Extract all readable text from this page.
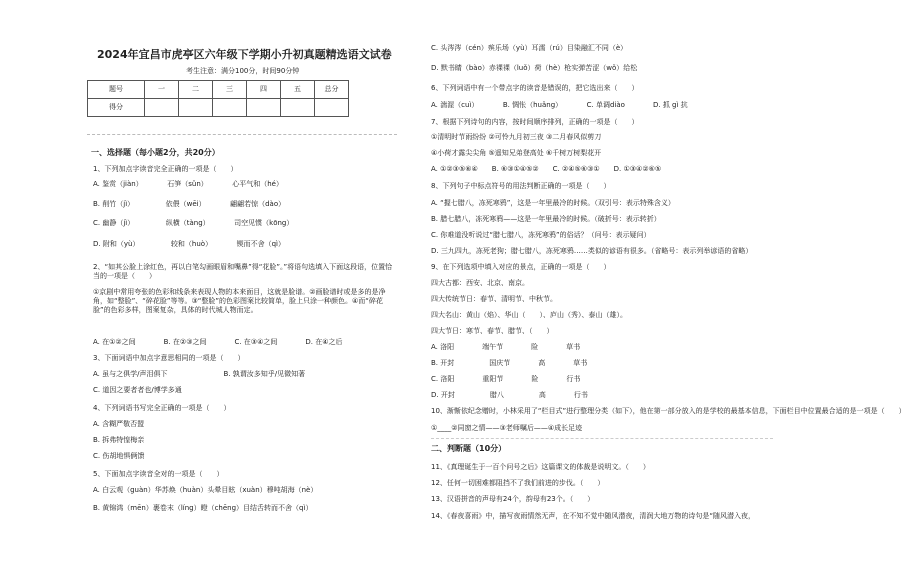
2024年宜昌市虎亭区六年级下学期小升初真题精选语文试卷
考生注意：满分100分，时间90分钟
题号	一	二	三	四	五	总分
得分						
一、选择题（每小题2分，共20分）
1、下列加点字读音完全正确的一项是（　　）
A. 鉴赏（jiàn）　　　　石笋（sǔn）　　　　心平气和（hé）
B. 削竹（jì）　　　　　依偎（wēi）　　　　翩翩若惊（dào）
C. 幽静（jì）　　　　　纵横（tàng）　　　　司空见惯（kōng）
D. 附和（yù）　　　　　较和（huò）　　　　锲而不舍（qì）
2、“如其公脸上涂红色，再以白笔勾画眼眉和嘴鼻”得“花脸”。”将语句选填入下面这段语，位置恰当的一项是（　　）
①京剧中常用夸张的色彩和线条来表现人物的本来面目，这就是脸谱。②画脸谱时或是多的是净角，如“整脸”、“碎花脸”等等。③“整脸”的色彩图案比较简单，脸上只涂一种颜色。④而“碎花脸”的色彩多样，图案复杂，具体的时代城人物而定。
A. 在①②之间　　　　B. 在②③之间　　　　C. 在③④之间　　　　D. 在④之后
3、下面词语中加点字意思相同的一项是（　　）
A. 虽与之俱学/声泪俱下　　　　　　　　B. 孰谓汝多知乎/见微知著
C. 道因之要者者也/博学多通
4、下列词语书写完全正确的一项是（　　）
A. 含糊严敬否盟
B. 拆弗特惶梅亲
C. 伤胡地惧俩馈
5、下面加点字读音全对的一项是（　　）
A. 白云观（guàn）华苏焕（huàn）头晕目眩（xuàn）穆吨胡海（nè）
B. 黄锦鸿（mēn）裹卷末（líng）瞪（chēng）目结舌转而不舍（qì）
C. 头涔涔（cén）殡乐场（yù）耳濡（rú）目染融汇不同（è）
D. 默书睛（bào）赤裸裸（luǒ）荷（hè）枪实弹苦涩（wǒ）给松
6、下列词语中有一个带点字的读音是错误的，把它选出来（　　）
A. 湍渥（cuì）　　　　B. 惆怅（huǎng）　　　　C. 单调diào　　　　D. 抓 gì 抗
7、根据下列诗句的内容，按时间顺序排列，正确的一项是（　　）
①清明时节雨纷纷 ②可怜九月初三夜 ③二月春风似剪刀
④小荷才露尖尖角 ⑤遥知兄弟登高处 ⑥千树万树梨花开
A. ①②③⑤⑥④　　B. ⑥③①④⑤②　　C. ②④⑤⑥③①　　D. ①③④②⑥⑤
8、下列句子中标点符号的用法判断正确的一项是（　　）
A. “握七腊八，冻死寒鸦”，这是一年里最冷的时候。（双引号：表示特殊含义）
B. 腊七腊八，冻死寒鸦——这是一年里最冷的时候。（破折号：表示转折）
C. 你难道没听说过“腊七腊八，冻死寒鸦”的俗话？（问号：表示疑问）
D. 三九四九，冻死老狗；腊七腊八，冻死寒鸦……类似的谚语有很多。（省略号：表示列举谚语的省略）
9、在下列选项中填入对应的景点，正确的一项是（　　）
四大古都：西安、北京、南京。
四大传统节日：春节、清明节、中秋节。
四大名山：黄山（焰）、华山（　　）、庐山（秀）、泰山（雄）。
四大节日：寒节、春节、腊节、（　　）
A. 洛阳　　　　端午节　　　　险　　　　草书
B. 开封　　　　　国庆节　　　　高　　　　草书
C. 洛阳　　　　重阳节　　　　险　　　　行书
D. 开封　　　　　腊八　　　　　高　　　　行书
10、渐惭依纪念赠时，小林采用了“栏目式”进行整理分类（如下），他在第一部分放入的是学校的最基本信息，下面栏目中位置最合适的是一项是（　　）
①____②同窗之情——③老师嘱后——④成长足迹
二、判断题（10分）
11、《真理诞生于一百个问号之后》这篇课文的体裁是说明文。（　　）
12、任何一切困难都阻挡不了我们前进的步伐。（　　）
13、汉语拼音的声母有24个，韵母有23个。（　　）
14、《春夜喜雨》中，描写夜雨情然无声，在不知不觉中随风潜夜，清润大地万物的诗句是“随风潜入夜，
